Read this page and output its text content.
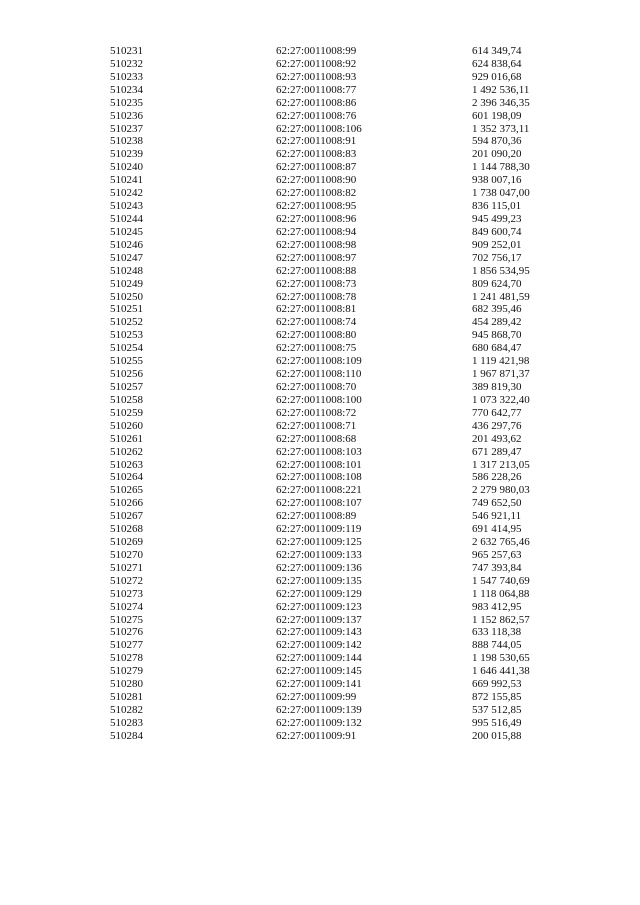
510231	62:27:0011008:99	614 349,74
510232	62:27:0011008:92	624 838,64
510233	62:27:0011008:93	929 016,68
510234	62:27:0011008:77	1 492 536,11
510235	62:27:0011008:86	2 396 346,35
510236	62:27:0011008:76	601 198,09
510237	62:27:0011008:106	1 352 373,11
510238	62:27:0011008:91	594 870,36
510239	62:27:0011008:83	201 090,20
510240	62:27:0011008:87	1 144 788,30
510241	62:27:0011008:90	938 007,16
510242	62:27:0011008:82	1 738 047,00
510243	62:27:0011008:95	836 115,01
510244	62:27:0011008:96	945 499,23
510245	62:27:0011008:94	849 600,74
510246	62:27:0011008:98	909 252,01
510247	62:27:0011008:97	702 756,17
510248	62:27:0011008:88	1 856 534,95
510249	62:27:0011008:73	809 624,70
510250	62:27:0011008:78	1 241 481,59
510251	62:27:0011008:81	682 395,46
510252	62:27:0011008:74	454 289,42
510253	62:27:0011008:80	945 868,70
510254	62:27:0011008:75	680 684,47
510255	62:27:0011008:109	1 119 421,98
510256	62:27:0011008:110	1 967 871,37
510257	62:27:0011008:70	389 819,30
510258	62:27:0011008:100	1 073 322,40
510259	62:27:0011008:72	770 642,77
510260	62:27:0011008:71	436 297,76
510261	62:27:0011008:68	201 493,62
510262	62:27:0011008:103	671 289,47
510263	62:27:0011008:101	1 317 213,05
510264	62:27:0011008:108	586 228,26
510265	62:27:0011008:221	2 279 980,03
510266	62:27:0011008:107	749 652,50
510267	62:27:0011008:89	546 921,11
510268	62:27:0011009:119	691 414,95
510269	62:27:0011009:125	2 632 765,46
510270	62:27:0011009:133	965 257,63
510271	62:27:0011009:136	747 393,84
510272	62:27:0011009:135	1 547 740,69
510273	62:27:0011009:129	1 118 064,88
510274	62:27:0011009:123	983 412,95
510275	62:27:0011009:137	1 152 862,57
510276	62:27:0011009:143	633 118,38
510277	62:27:0011009:142	888 744,05
510278	62:27:0011009:144	1 198 530,65
510279	62:27:0011009:145	1 646 441,38
510280	62:27:0011009:141	669 992,53
510281	62:27:0011009:99	872 155,85
510282	62:27:0011009:139	537 512,85
510283	62:27:0011009:132	995 516,49
510284	62:27:0011009:91	200 015,88
